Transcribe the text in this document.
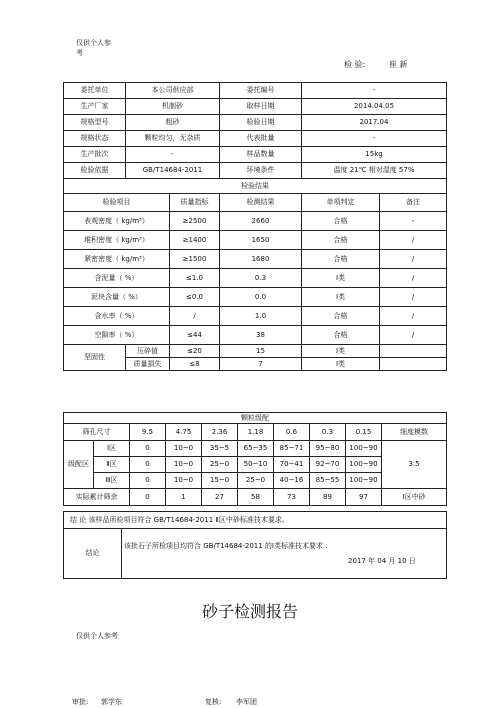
仅供个人参
考
检 验:	崔 新
委托单位	本公司供应部		委托编号	-	
生产厂家	机制砂		取样日期	2014.04.05	
规格型号	粗砂		检验日期	2017.04	
规格状态	颗粒均匀，无杂质		代表批量	-	
生产批次	-		样品数量	15kg	
检验依据	GB/T14684-2011		环境条件	温度 21℃ 相对湿度 57%	
检验结果					
检验项目		质量指标	检测结果	单项判定	备注
表观密度（ kg/m³）		≥2500	2660	合格	-
堆积密度（ kg/m³）		≥1400	1650	合格	/
紧密密度（ kg/m³）		≥1500	1680	合格	/
含泥量（ %）		≤1.0	0.3	Ⅰ类	/
泥块含量（ %）		≤0.0	0.0	Ⅰ类	/
含水率（ %）		/	1.0	合格	/
空隙率（ %）		≤44	38	合格	/
坚固性	压碎值	≤20	15	Ⅰ类	
	质量损失	≤8	7	Ⅰ类	
颗粒级配									
筛孔尺寸		9.5	4.75	2.36	1.18	0.6	0.3	0.15	细度模数
级配区	Ⅰ区	0	10~0	35~5	65~35	85~71	95~80	100~90	3.5
	Ⅱ区	0	10~0	25~0	50~10	70~41	92~70	100~90	
	Ⅲ区	0	10~0	15~0	25~0	40~16	85~55	100~90	
实际累计筛余		0	1	27	58	73	89	97	Ⅰ区中砂
结 论 该样品所检项目符合 GB/T14684-2011 Ⅱ区中砂标准技术要求。
结论	
该批石子所检项目均符合 GB/T14684-2011 的Ⅰ类标准技术要求 .
2017 年 04 月 10 日
砂子检测报告
仅供个人参考
审批: 郭学东	复核: 李军团
